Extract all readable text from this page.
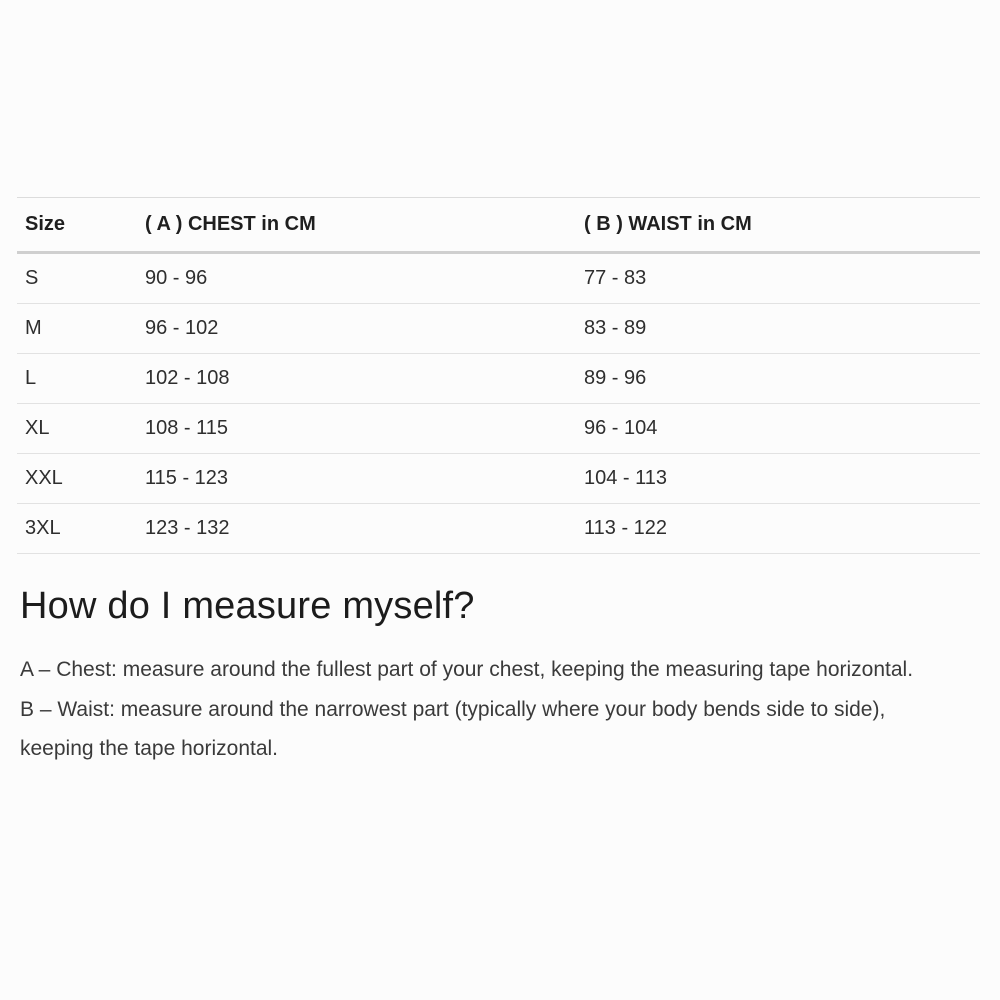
Size	( A ) CHEST in CM	( B ) WAIST in CM
S	90 - 96	77 - 83
M	96 - 102	83 - 89
L	102 - 108	89 - 96
XL	108 - 115	96 - 104
XXL	115 - 123	104 - 113
3XL	123 - 132	113 - 122
How do I measure myself?

A – Chest: measure around the fullest part of your chest, keeping the measuring tape horizontal.

B – Waist: measure around the narrowest part (typically where your body bends side to side), keeping the tape horizontal.
